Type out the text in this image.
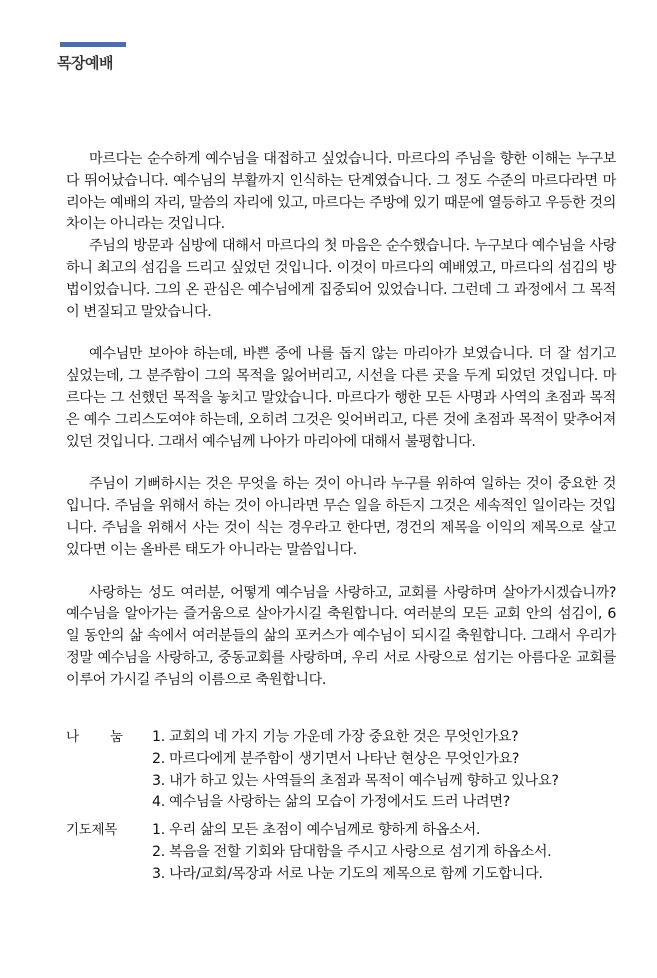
목장예배

마르다는 순수하게 예수님을 대접하고 싶었습니다. 마르다의 주님을 향한 이해는 누구보다 뛰어났습니다. 예수님의 부활까지 인식하는 단계였습니다. 그 정도 수준의 마르다라면 마리아는 예배의 자리, 말씀의 자리에 있고, 마르다는 주방에 있기 때문에 열등하고 우등한 것의 차이는 아니라는 것입니다.

주님의 방문과 심방에 대해서 마르다의 첫 마음은 순수했습니다. 누구보다 예수님을 사랑하니 최고의 섬김을 드리고 싶었던 것입니다. 이것이 마르다의 예배였고, 마르다의 섬김의 방법이었습니다. 그의 온 관심은 예수님에게 집중되어 있었습니다. 그런데 그 과정에서 그 목적이 변질되고 말았습니다.

예수님만 보아야 하는데, 바쁜 중에 나를 돕지 않는 마리아가 보였습니다. 더 잘 섬기고 싶었는데, 그 분주함이 그의 목적을 잃어버리고, 시선을 다른 곳을 두게 되었던 것입니다. 마르다는 그 선했던 목적을 놓치고 말았습니다. 마르다가 행한 모든 사명과 사역의 초점과 목적은 예수 그리스도여야 하는데, 오히려 그것은 잊어버리고, 다른 것에 초점과 목적이 맞추어져 있던 것입니다. 그래서 예수님께 나아가 마리아에 대해서 불평합니다.

주님이 기뻐하시는 것은 무엇을 하는 것이 아니라 누구를 위하여 일하는 것이 중요한 것입니다. 주님을 위해서 하는 것이 아니라면 무슨 일을 하든지 그것은 세속적인 일이라는 것입니다. 주님을 위해서 사는 것이 식는 경우라고 한다면, 경건의 제목을 이익의 제목으로 살고 있다면 이는 올바른 태도가 아니라는 말씀입니다.

사랑하는 성도 여러분, 어떻게 예수님을 사랑하고, 교회를 사랑하며 살아가시겠습니까? 예수님을 알아가는 즐거움으로 살아가시길 축원합니다. 여러분의 모든 교회 안의 섬김이, 6일 동안의 삶 속에서 여러분들의 삶의 포커스가 예수님이 되시길 축원합니다. 그래서 우리가 정말 예수님을 사랑하고, 중동교회를 사랑하며, 우리 서로 사랑으로 섬기는 아름다운 교회를 이루어 가시길 주님의 이름으로 축원합니다.

나    눔	1. 교회의 네 가지 기능 가운데 가장 중요한 것은 무엇인가요?
2. 마르다에게 분주함이 생기면서 나타난 현상은 무엇인가요?
3. 내가 하고 있는 사역들의 초점과 목적이 예수님께 향하고 있나요?
4. 예수님을 사랑하는 삶의 모습이 가정에서도 드러 나려면?
기도제목	1. 우리 삶의 모든 초점이 예수님께로 향하게 하옵소서.
2. 복음을 전할 기회와 담대함을 주시고 사랑으로 섬기게 하옵소서.
3. 나라/교회/목장과 서로 나눈 기도의 제목으로 함께 기도합니다.
